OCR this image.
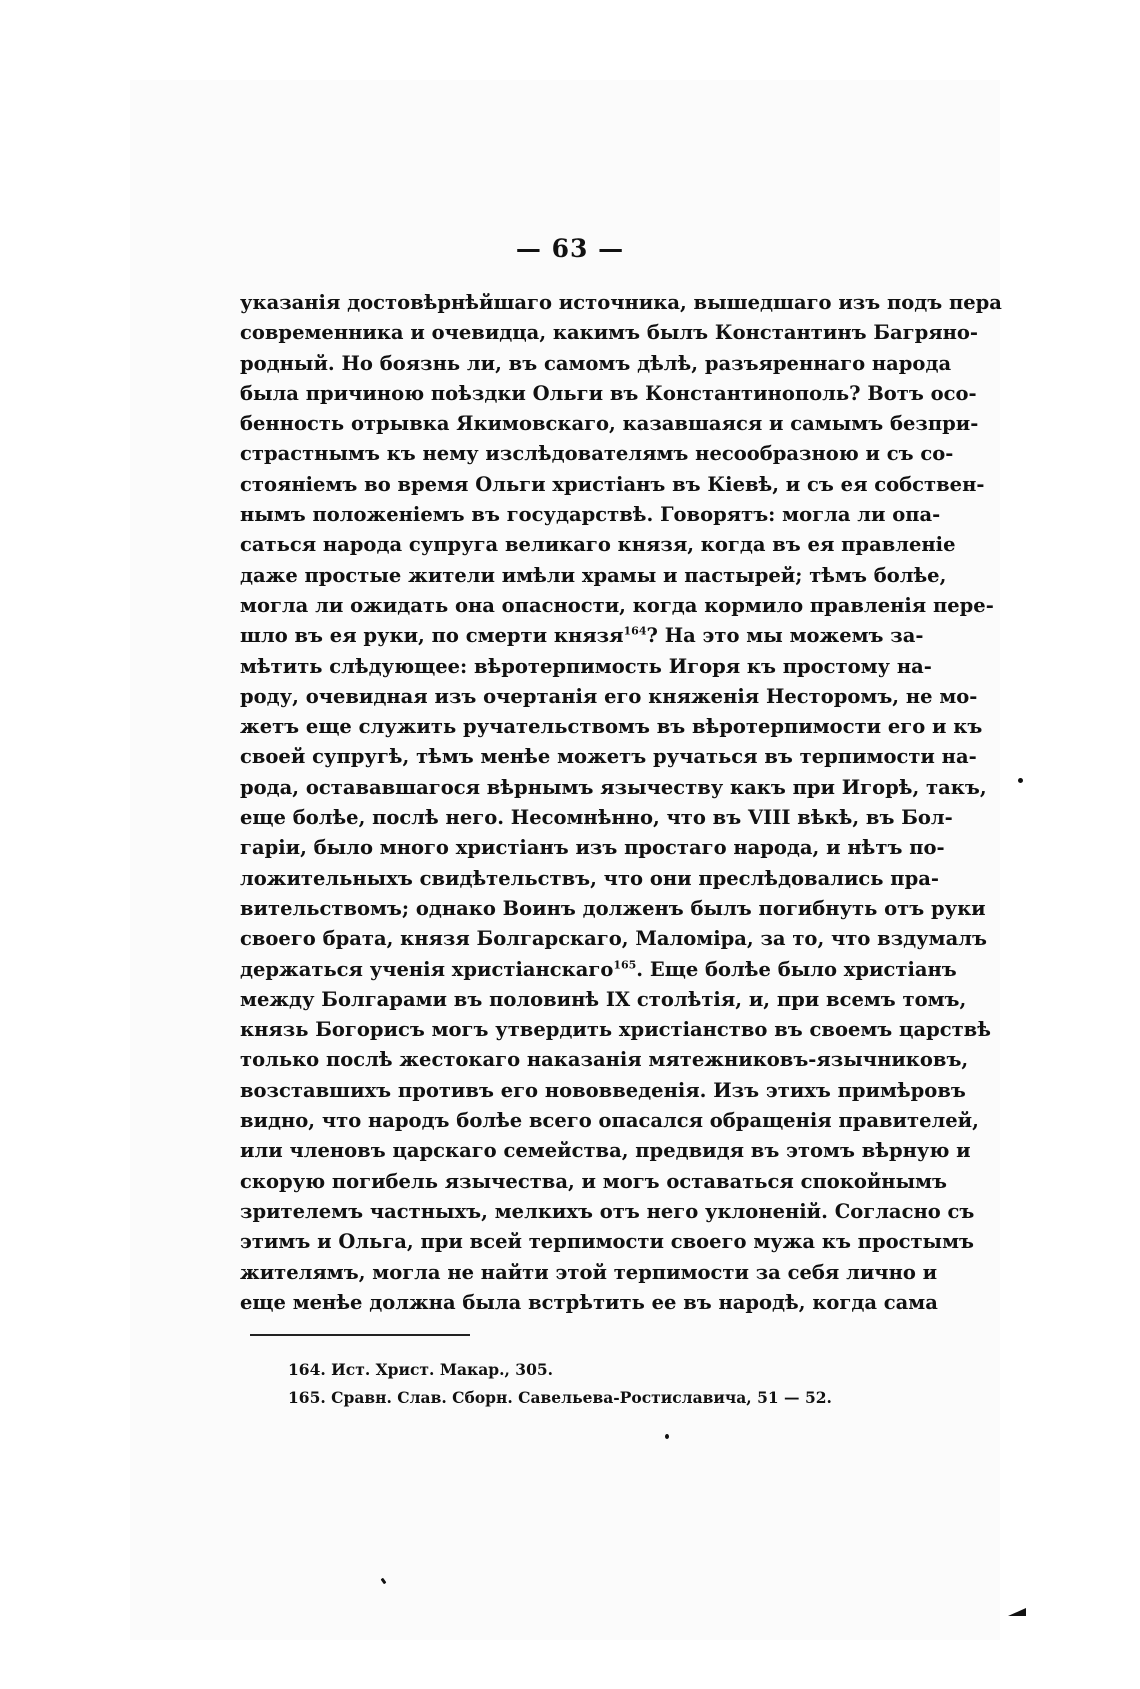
— 63 —
указанія достовѣрнѣйшаго источника, вышедшаго изъ подъ пера
современника и очевидца, какимъ былъ Константинъ Багряно-
родный. Но боязнь ли, въ самомъ дѣлѣ, разъяреннаго народа
была причиною поѣздки Ольги въ Константинополь? Вотъ осо-
бенность отрывка Якимовскаго, казавшаяся и самымъ безпри-
страстнымъ къ нему изслѣдователямъ несообразною и съ со-
стояніемъ во время Ольги христіанъ въ Кіевѣ, и съ ея собствен-
нымъ положеніемъ въ государствѣ. Говорятъ: могла ли опа-
саться народа супруга великаго князя, когда въ ея правленіе
даже простые жители имѣли храмы и пастырей; тѣмъ болѣе,
могла ли ожидать она опасности, когда кормило правленія пере-
шло въ ея руки, по смерти князя$^{164}$? На это мы можемъ за-
мѣтить слѣдующее: вѣротерпимость Игоря къ простому на-
роду, очевидная изъ очертанія его княженія Несторомъ, не мо-
жетъ еще служить ручательствомъ въ вѣротерпимости его и къ
своей супругѣ, тѣмъ менѣе можетъ ручаться въ терпимости на-
рода, остававшагося вѣрнымъ язычеству какъ при Игорѣ, такъ,
еще болѣе, послѣ него. Несомнѣнно, что въ VIII вѣкѣ, въ Бол-
гаріи, было много христіанъ изъ простаго народа, и нѣтъ по-
ложительныхъ свидѣтельствъ, что они преслѣдовались пра-
вительствомъ; однако Воинъ долженъ былъ погибнуть отъ руки
своего брата, князя Болгарскаго, Маломіра, за то, что вздумалъ
держаться ученія христіанскаго$^{165}$. Еще болѣе было христіанъ
между Болгарами въ половинѣ IX столѣтія, и, при всемъ томъ,
князь Богорисъ могъ утвердить христіанство въ своемъ царствѣ
только послѣ жестокаго наказанія мятежниковъ-язычниковъ,
возставшихъ противъ его нововведенія. Изъ этихъ примѣровъ
видно, что народъ болѣе всего опасался обращенія правителей,
или членовъ царскаго семейства, предвидя въ этомъ вѣрную и
скорую погибель язычества, и могъ оставаться спокойнымъ
зрителемъ частныхъ, мелкихъ отъ него уклоненій. Согласно съ
этимъ и Ольга, при всей терпимости своего мужа къ простымъ
жителямъ, могла не найти этой терпимости за себя лично и
еще менѣе должна была встрѣтить ее въ народѣ, когда сама
164. Ист. Христ. Макар., 305.
165. Сравн. Слав. Сборн. Савельева-Ростиславича, 51 — 52.
